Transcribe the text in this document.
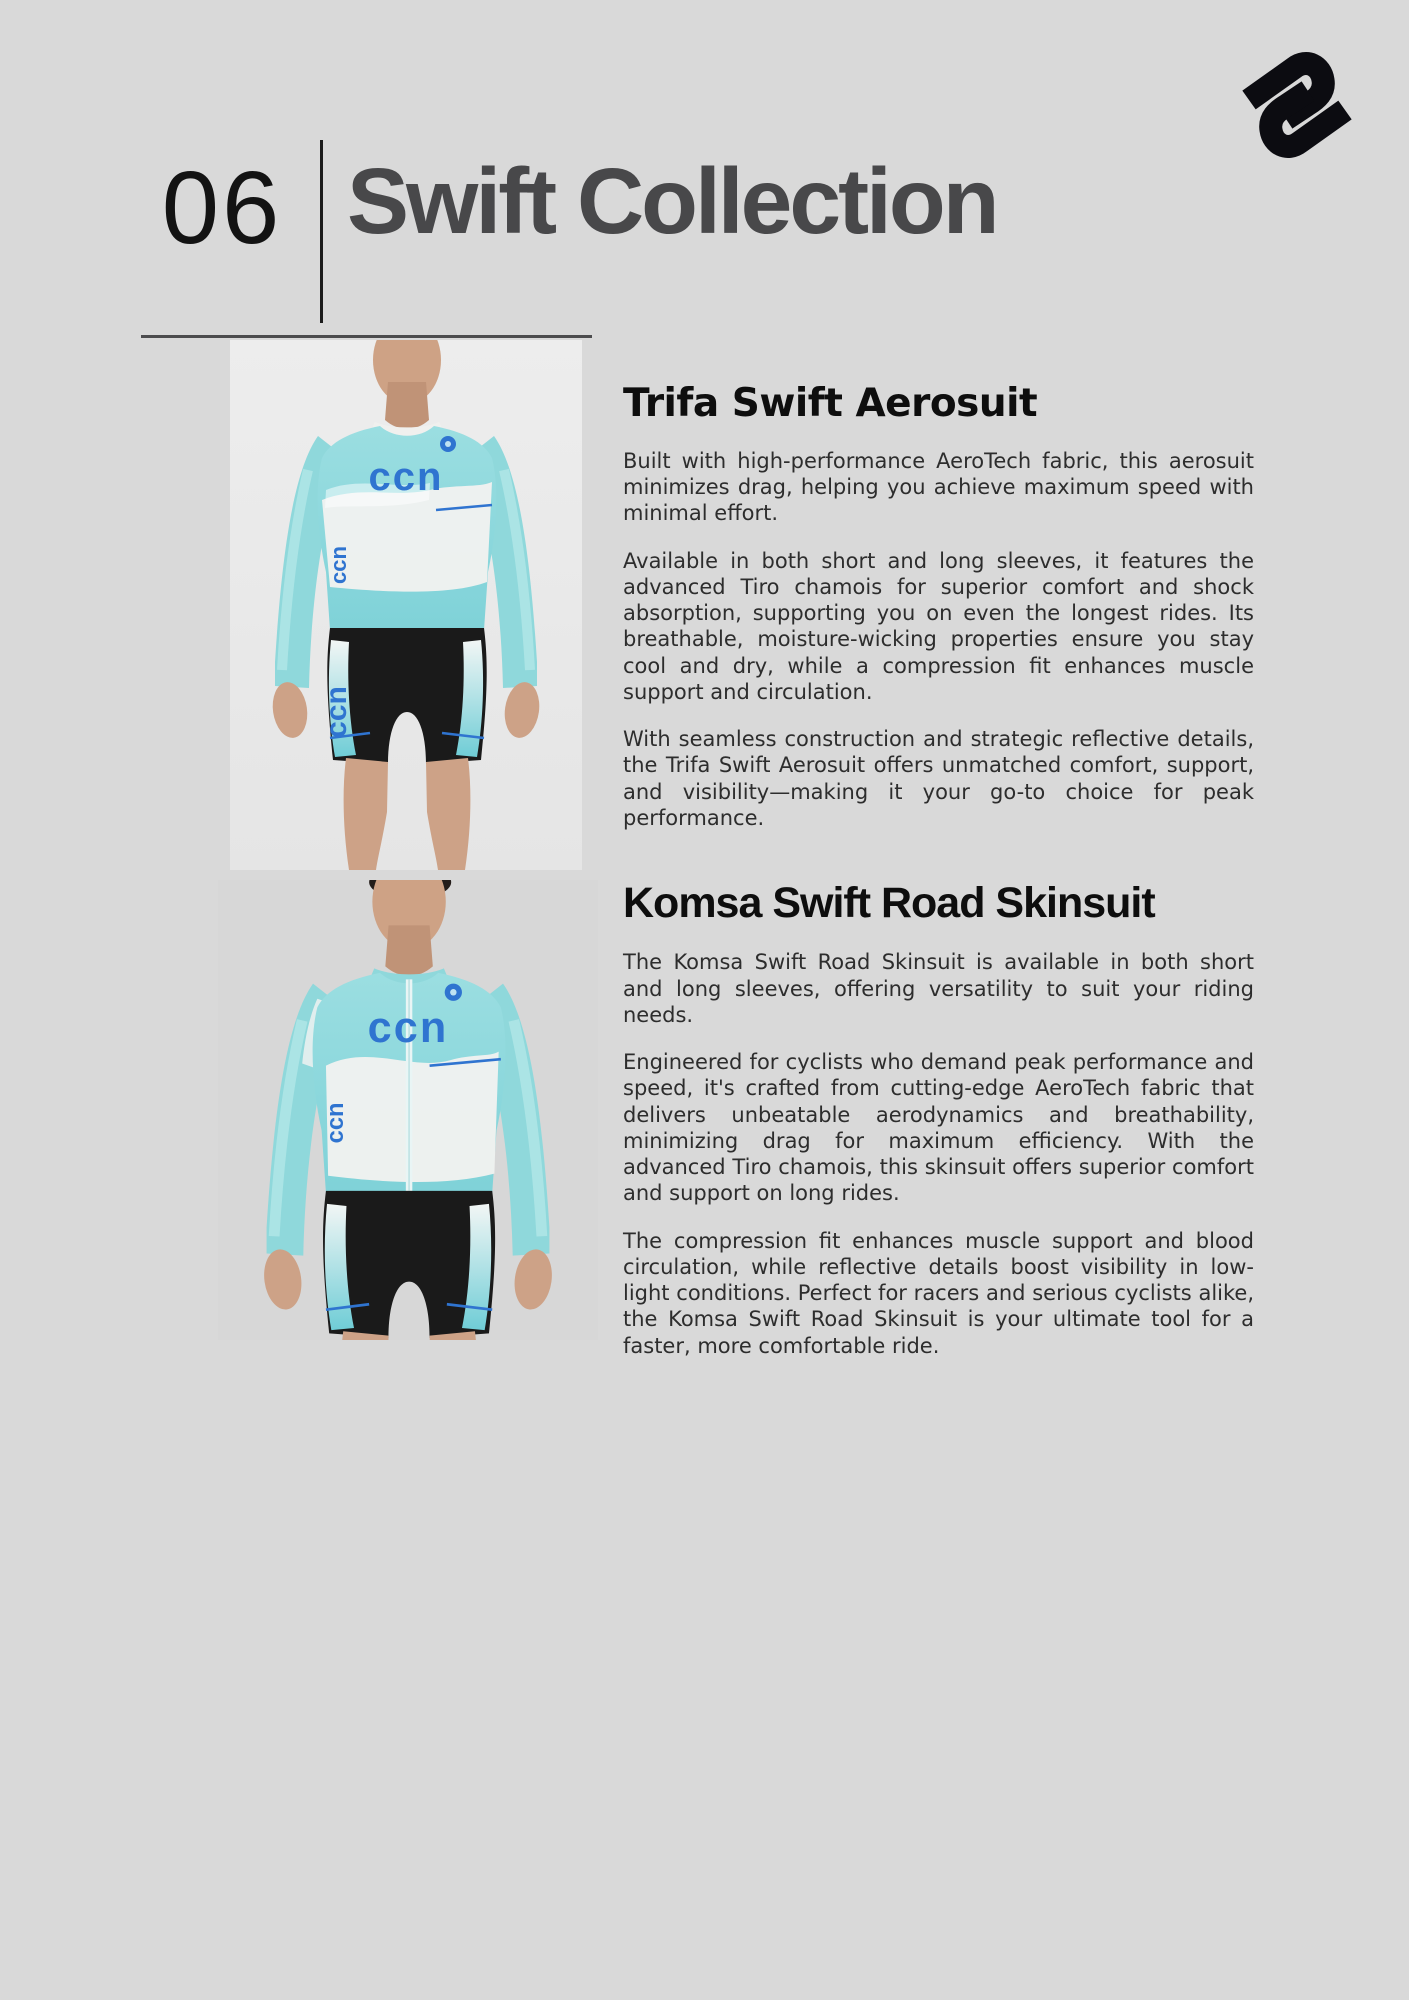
06 Swift Collection
ccn
ccn
ccn
Trifa Swift Aerosuit

Built with high-performance AeroTech fabric, this aerosuit minimizes drag, helping you achieve maximum speed with minimal effort.

Available in both short and long sleeves, it features the advanced Tiro chamois for superior comfort and shock absorption, supporting you on even the longest rides. Its breathable, moisture-wicking properties ensure you stay cool and dry, while a compression fit enhances muscle support and circulation.

With seamless construction and strategic reflective details, the Trifa Swift Aerosuit offers unmatched comfort, support, and visibility—making it your go-to choice for peak performance.

ccn
ccn
Komsa Swift Road Skinsuit

The Komsa Swift Road Skinsuit is available in both short and long sleeves, offering versatility to suit your riding needs.

Engineered for cyclists who demand peak performance and speed, it's crafted from cutting-edge AeroTech fabric that delivers unbeatable aerodynamics and breathability, minimizing drag for maximum efficiency. With the advanced Tiro chamois, this skinsuit offers superior comfort and support on long rides.

The compression fit enhances muscle support and blood circulation, while reflective details boost visibility in low-light conditions. Perfect for racers and serious cyclists alike, the Komsa Swift Road Skinsuit is your ultimate tool for a faster, more comfortable ride.
